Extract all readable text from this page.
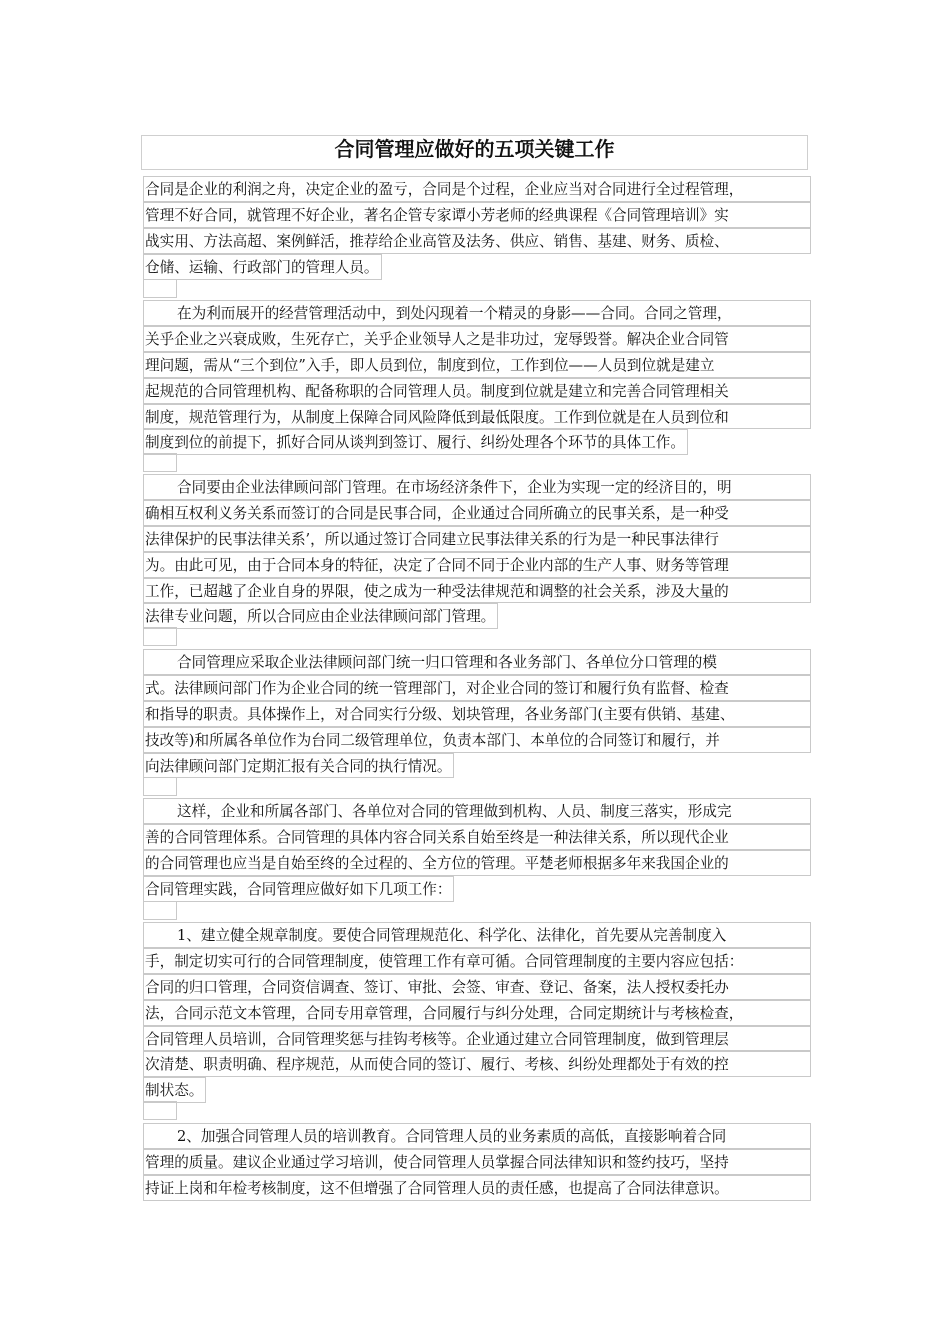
合同管理应做好的五项关键工作
合同是企业的利润之舟，决定企业的盈亏，合同是个过程，企业应当对合同进行全过程管理，
管理不好合同，就管理不好企业，著名企管专家谭小芳老师的经典课程《合同管理培训》实
战实用、方法高超、案例鲜活，推荐给企业高管及法务、供应、销售、基建、财务、质检、
仓储、运输、行政部门的管理人员。
在为利而展开的经营管理活动中，到处闪现着一个精灵的身影——合同。合同之管理，
关乎企业之兴衰成败，生死存亡，关乎企业领导人之是非功过，宠辱毁誉。解决企业合同管
理问题，需从“三个到位”入手，即人员到位，制度到位，工作到位——人员到位就是建立
起规范的合同管理机构、配备称职的合同管理人员。制度到位就是建立和完善合同管理相关
制度，规范管理行为，从制度上保障合同风险降低到最低限度。工作到位就是在人员到位和
制度到位的前提下，抓好合同从谈判到签订、履行、纠纷处理各个环节的具体工作。
合同要由企业法律顾问部门管理。在市场经济条件下，企业为实现一定的经济目的，明
确相互权利义务关系而签订的合同是民事合同，企业通过合同所确立的民事关系，是一种受
法律保护的民事法律关系’，所以通过签订合同建立民事法律关系的行为是一种民事法律行
为。由此可见，由于合同本身的特征，决定了合同不同于企业内部的生产人事、财务等管理
工作，已超越了企业自身的界限，使之成为一种受法律规范和调整的社会关系，涉及大量的
法律专业问题，所以合同应由企业法律顾问部门管理。
合同管理应采取企业法律顾问部门统一归口管理和各业务部门、各单位分口管理的模
式。法律顾问部门作为企业合同的统一管理部门，对企业合同的签订和履行负有监督、检查
和指导的职责。具体操作上，对合同实行分级、划块管理，各业务部门(主要有供销、基建、
技改等)和所属各单位作为台同二级管理单位，负责本部门、本单位的合同签订和履行，并
向法律顾问部门定期汇报有关合同的执行情况。
这样，企业和所属各部门、各单位对合同的管理做到机构、人员、制度三落实，形成完
善的合同管理体系。合同管理的具体内容合同关系自始至终是一种法律关系，所以现代企业
的合同管理也应当是自始至终的全过程的、全方位的管理。平楚老师根据多年来我国企业的
合同管理实践，合同管理应做好如下几项工作：
1、建立健全规章制度。要使合同管理规范化、科学化、法律化，首先要从完善制度入
手，制定切实可行的合同管理制度，使管理工作有章可循。合同管理制度的主要内容应包括：
合同的归口管理，合同资信调查、签订、审批、会签、审查、登记、备案，法人授权委托办
法，合同示范文本管理，合同专用章管理，合同履行与纠分处理，合同定期统计与考核检查，
合同管理人员培训，合同管理奖惩与挂钩考核等。企业通过建立合同管理制度，做到管理层
次清楚、职责明确、程序规范，从而使合同的签订、履行、考核、纠纷处理都处于有效的控
制状态。
2、加强合同管理人员的培训教育。合同管理人员的业务素质的高低，直接影响着合同
管理的质量。建议企业通过学习培训，使合同管理人员掌握合同法律知识和签约技巧，坚持
持证上岗和年检考核制度，这不但增强了合同管理人员的责任感，也提高了合同法律意识。
